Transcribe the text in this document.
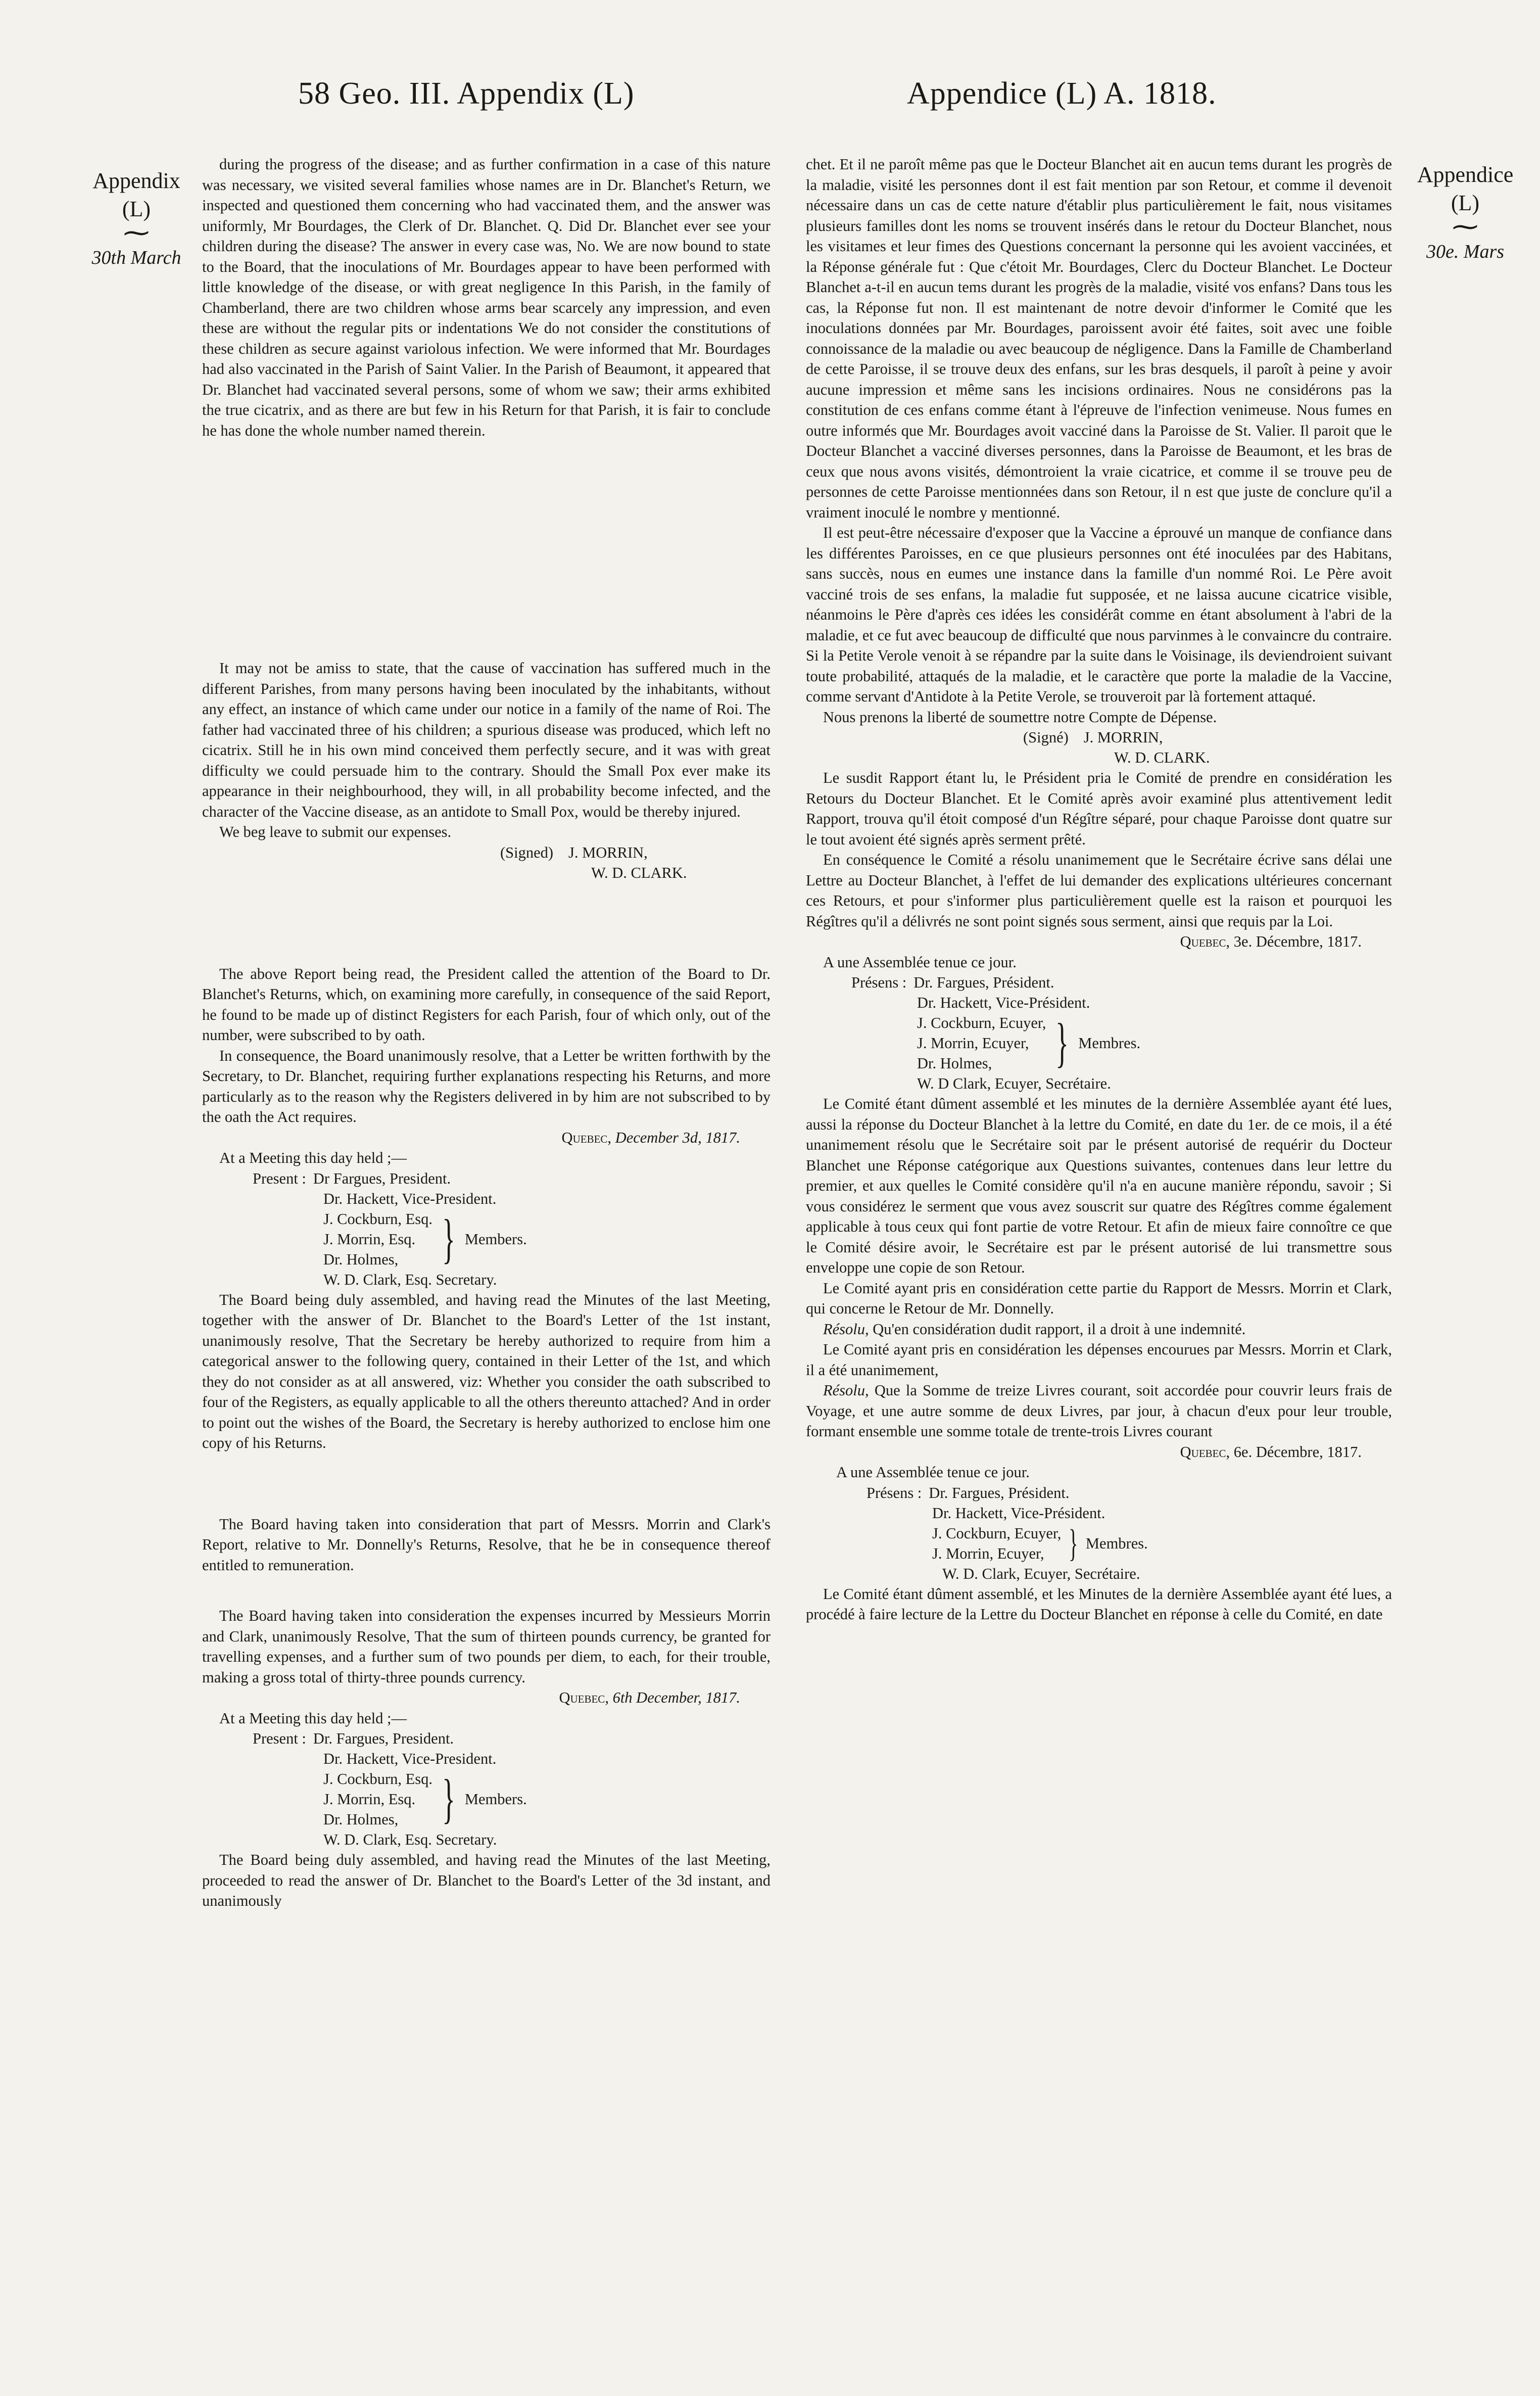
58 Geo. III. Appendix (L)	Appendice (L) A. 1818.
Appendix
(L)
⁓
30th March
Appendice
(L)
⁓
30e. Mars

during the progress of the disease; and as further confirmation in a case of this nature was necessary, we visited several families whose names are in Dr. Blanchet's Return, we inspected and questioned them concerning who had vaccinated them, and the answer was uniformly, Mr Bourdages, the Clerk of Dr. Blanchet. Q. Did Dr. Blanchet ever see your children during the disease? The answer in every case was, No. We are now bound to state to the Board, that the inoculations of Mr. Bourdages appear to have been performed with little knowledge of the disease, or with great negligence In this Parish, in the family of Chamberland, there are two children whose arms bear scarcely any impression, and even these are without the regular pits or indentations We do not consider the constitutions of these children as secure against variolous infection. We were informed that Mr. Bourdages had also vaccinated in the Parish of Saint Valier. In the Parish of Beaumont, it appeared that Dr. Blanchet had vaccinated several persons, some of whom we saw; their arms exhibited the true cicatrix, and as there are but few in his Return for that Parish, it is fair to conclude he has done the whole number named therein.

It may not be amiss to state, that the cause of vaccination has suffered much in the different Parishes, from many persons having been inoculated by the inhabitants, without any effect, an instance of which came under our notice in a family of the name of Roi. The father had vaccinated three of his children; a spurious disease was produced, which left no cicatrix. Still he in his own mind conceived them perfectly secure, and it was with great difficulty we could persuade him to the contrary. Should the Small Pox ever make its appearance in their neighbourhood, they will, in all probability become infected, and the character of the Vaccine disease, as an antidote to Small Pox, would be thereby injured.

We beg leave to submit our expenses.

(Signed) J. MORRIN,
W. D. CLARK.

The above Report being read, the President called the attention of the Board to Dr. Blanchet's Returns, which, on examining more carefully, in consequence of the said Report, he found to be made up of distinct Registers for each Parish, four of which only, out of the number, were subscribed to by oath.

In consequence, the Board unanimously resolve, that a Letter be written forthwith by the Secretary, to Dr. Blanchet, requiring further explanations respecting his Returns, and more particularly as to the reason why the Registers delivered in by him are not subscribed to by the oath the Act requires.

Quebec, December 3d, 1817.
At a Meeting this day held ;—
Present : Dr Fargues, President.
Dr. Hackett, Vice-President.
J. Cockburn, Esq.
J. Morrin, Esq.
Dr. Holmes, } Members.
W. D. Clark, Esq. Secretary.

The Board being duly assembled, and having read the Minutes of the last Meeting, together with the answer of Dr. Blanchet to the Board's Letter of the 1st instant, unanimously resolve, That the Secretary be hereby authorized to require from him a categorical answer to the following query, contained in their Letter of the 1st, and which they do not consider as at all answered, viz: Whether you consider the oath subscribed to four of the Registers, as equally applicable to all the others thereunto attached? And in order to point out the wishes of the Board, the Secretary is hereby authorized to enclose him one copy of his Returns.

The Board having taken into consideration that part of Messrs. Morrin and Clark's Report, relative to Mr. Donnelly's Returns, Resolve, that he be in consequence thereof entitled to remuneration.

The Board having taken into consideration the expenses incurred by Messieurs Morrin and Clark, unanimously Resolve, That the sum of thirteen pounds currency, be granted for travelling expenses, and a further sum of two pounds per diem, to each, for their trouble, making a gross total of thirty-three pounds currency.

Quebec, 6th December, 1817.
At a Meeting this day held ;—
Present : Dr. Fargues, President.
Dr. Hackett, Vice-President.
J. Cockburn, Esq.
J. Morrin, Esq.
Dr. Holmes, } Members.
W. D. Clark, Esq. Secretary.

The Board being duly assembled, and having read the Minutes of the last Meeting, proceeded to read the answer of Dr. Blanchet to the Board's Letter of the 3d instant, and unanimously

chet. Et il ne paroît même pas que le Docteur Blanchet ait en aucun tems durant les progrès de la maladie, visité les personnes dont il est fait mention par son Retour, et comme il devenoit nécessaire dans un cas de cette nature d'établir plus particulièrement le fait, nous visitames plusieurs familles dont les noms se trouvent insérés dans le retour du Docteur Blanchet, nous les visitames et leur fimes des Questions concernant la personne qui les avoient vaccinées, et la Réponse générale fut : Que c'étoit Mr. Bourdages, Clerc du Docteur Blanchet. Le Docteur Blanchet a-t-il en aucun tems durant les progrès de la maladie, visité vos enfans? Dans tous les cas, la Réponse fut non. Il est maintenant de notre devoir d'informer le Comité que les inoculations données par Mr. Bourdages, paroissent avoir été faites, soit avec une foible connoissance de la maladie ou avec beaucoup de négligence. Dans la Famille de Chamberland de cette Paroisse, il se trouve deux des enfans, sur les bras desquels, il paroît à peine y avoir aucune impression et même sans les incisions ordinaires. Nous ne considérons pas la constitution de ces enfans comme étant à l'épreuve de l'infection venimeuse. Nous fumes en outre informés que Mr. Bourdages avoit vacciné dans la Paroisse de St. Valier. Il paroit que le Docteur Blanchet a vacciné diverses personnes, dans la Paroisse de Beaumont, et les bras de ceux que nous avons visités, démontroient la vraie cicatrice, et comme il se trouve peu de personnes de cette Paroisse mentionnées dans son Retour, il n est que juste de conclure qu'il a vraiment inoculé le nombre y mentionné.

Il est peut-être nécessaire d'exposer que la Vaccine a éprouvé un manque de confiance dans les différentes Paroisses, en ce que plusieurs personnes ont été inoculées par des Habitans, sans succès, nous en eumes une instance dans la famille d'un nommé Roi. Le Père avoit vacciné trois de ses enfans, la maladie fut supposée, et ne laissa aucune cicatrice visible, néanmoins le Père d'après ces idées les considérât comme en étant absolument à l'abri de la maladie, et ce fut avec beaucoup de difficulté que nous parvinmes à le convaincre du contraire. Si la Petite Verole venoit à se répandre par la suite dans le Voisinage, ils deviendroient suivant toute probabilité, attaqués de la maladie, et le caractère que porte la maladie de la Vaccine, comme servant d'Antidote à la Petite Verole, se trouveroit par là fortement attaqué.

Nous prenons la liberté de soumettre notre Compte de Dépense.

(Signé) J. MORRIN,
W. D. CLARK.

Le susdit Rapport étant lu, le Président pria le Comité de prendre en considération les Retours du Docteur Blanchet. Et le Comité après avoir examiné plus attentivement ledit Rapport, trouva qu'il étoit composé d'un Régître séparé, pour chaque Paroisse dont quatre sur le tout avoient été signés après serment prêté.

En conséquence le Comité a résolu unanimement que le Secrétaire écrive sans délai une Lettre au Docteur Blanchet, à l'effet de lui demander des explications ultérieures concernant ces Retours, et pour s'informer plus particulièrement quelle est la raison et pourquoi les Régîtres qu'il a délivrés ne sont point signés sous serment, ainsi que requis par la Loi.

Quebec, 3e. Décembre, 1817.
A une Assemblée tenue ce jour.
Présens : Dr. Fargues, Président.
Dr. Hackett, Vice-Président.
J. Cockburn, Ecuyer,
J. Morrin, Ecuyer,
Dr. Holmes,	} Membres.
W. D Clark, Ecuyer, Secrétaire.

Le Comité étant dûment assemblé et les minutes de la dernière Assemblée ayant été lues, aussi la réponse du Docteur Blanchet à la lettre du Comité, en date du 1er. de ce mois, il a été unanimement résolu que le Secrétaire soit par le présent autorisé de requérir du Docteur Blanchet une Réponse catégorique aux Questions suivantes, contenues dans leur lettre du premier, et aux quelles le Comité considère qu'il n'a en aucune manière répondu, savoir ; Si vous considérez le serment que vous avez souscrit sur quatre des Régîtres comme également applicable à tous ceux qui font partie de votre Retour. Et afin de mieux faire connoître ce que le Comité désire avoir, le Secrétaire est par le présent autorisé de lui transmettre sous enveloppe une copie de son Retour.

Le Comité ayant pris en considération cette partie du Rapport de Messrs. Morrin et Clark, qui concerne le Retour de Mr. Donnelly.

Résolu, Qu'en considération dudit rapport, il a droit à une indemnité.

Le Comité ayant pris en considération les dépenses encourues par Messrs. Morrin et Clark, il a été unanimement,

Résolu, Que la Somme de treize Livres courant, soit accordée pour couvrir leurs frais de Voyage, et une autre somme de deux Livres, par jour, à chacun d'eux pour leur trouble, formant ensemble une somme totale de trente-trois Livres courant

Quebec, 6e. Décembre, 1817.
A une Assemblée tenue ce jour.
Présens : Dr. Fargues, Président.
Dr. Hackett, Vice-Président.
J. Cockburn, Ecuyer,
J. Morrin, Ecuyer, } Membres.
W. D. Clark, Ecuyer, Secrétaire.

Le Comité étant dûment assemblé, et les Minutes de la dernière Assemblée ayant été lues, a procédé à faire lecture de la Lettre du Docteur Blanchet en réponse à celle du Comité, en date
